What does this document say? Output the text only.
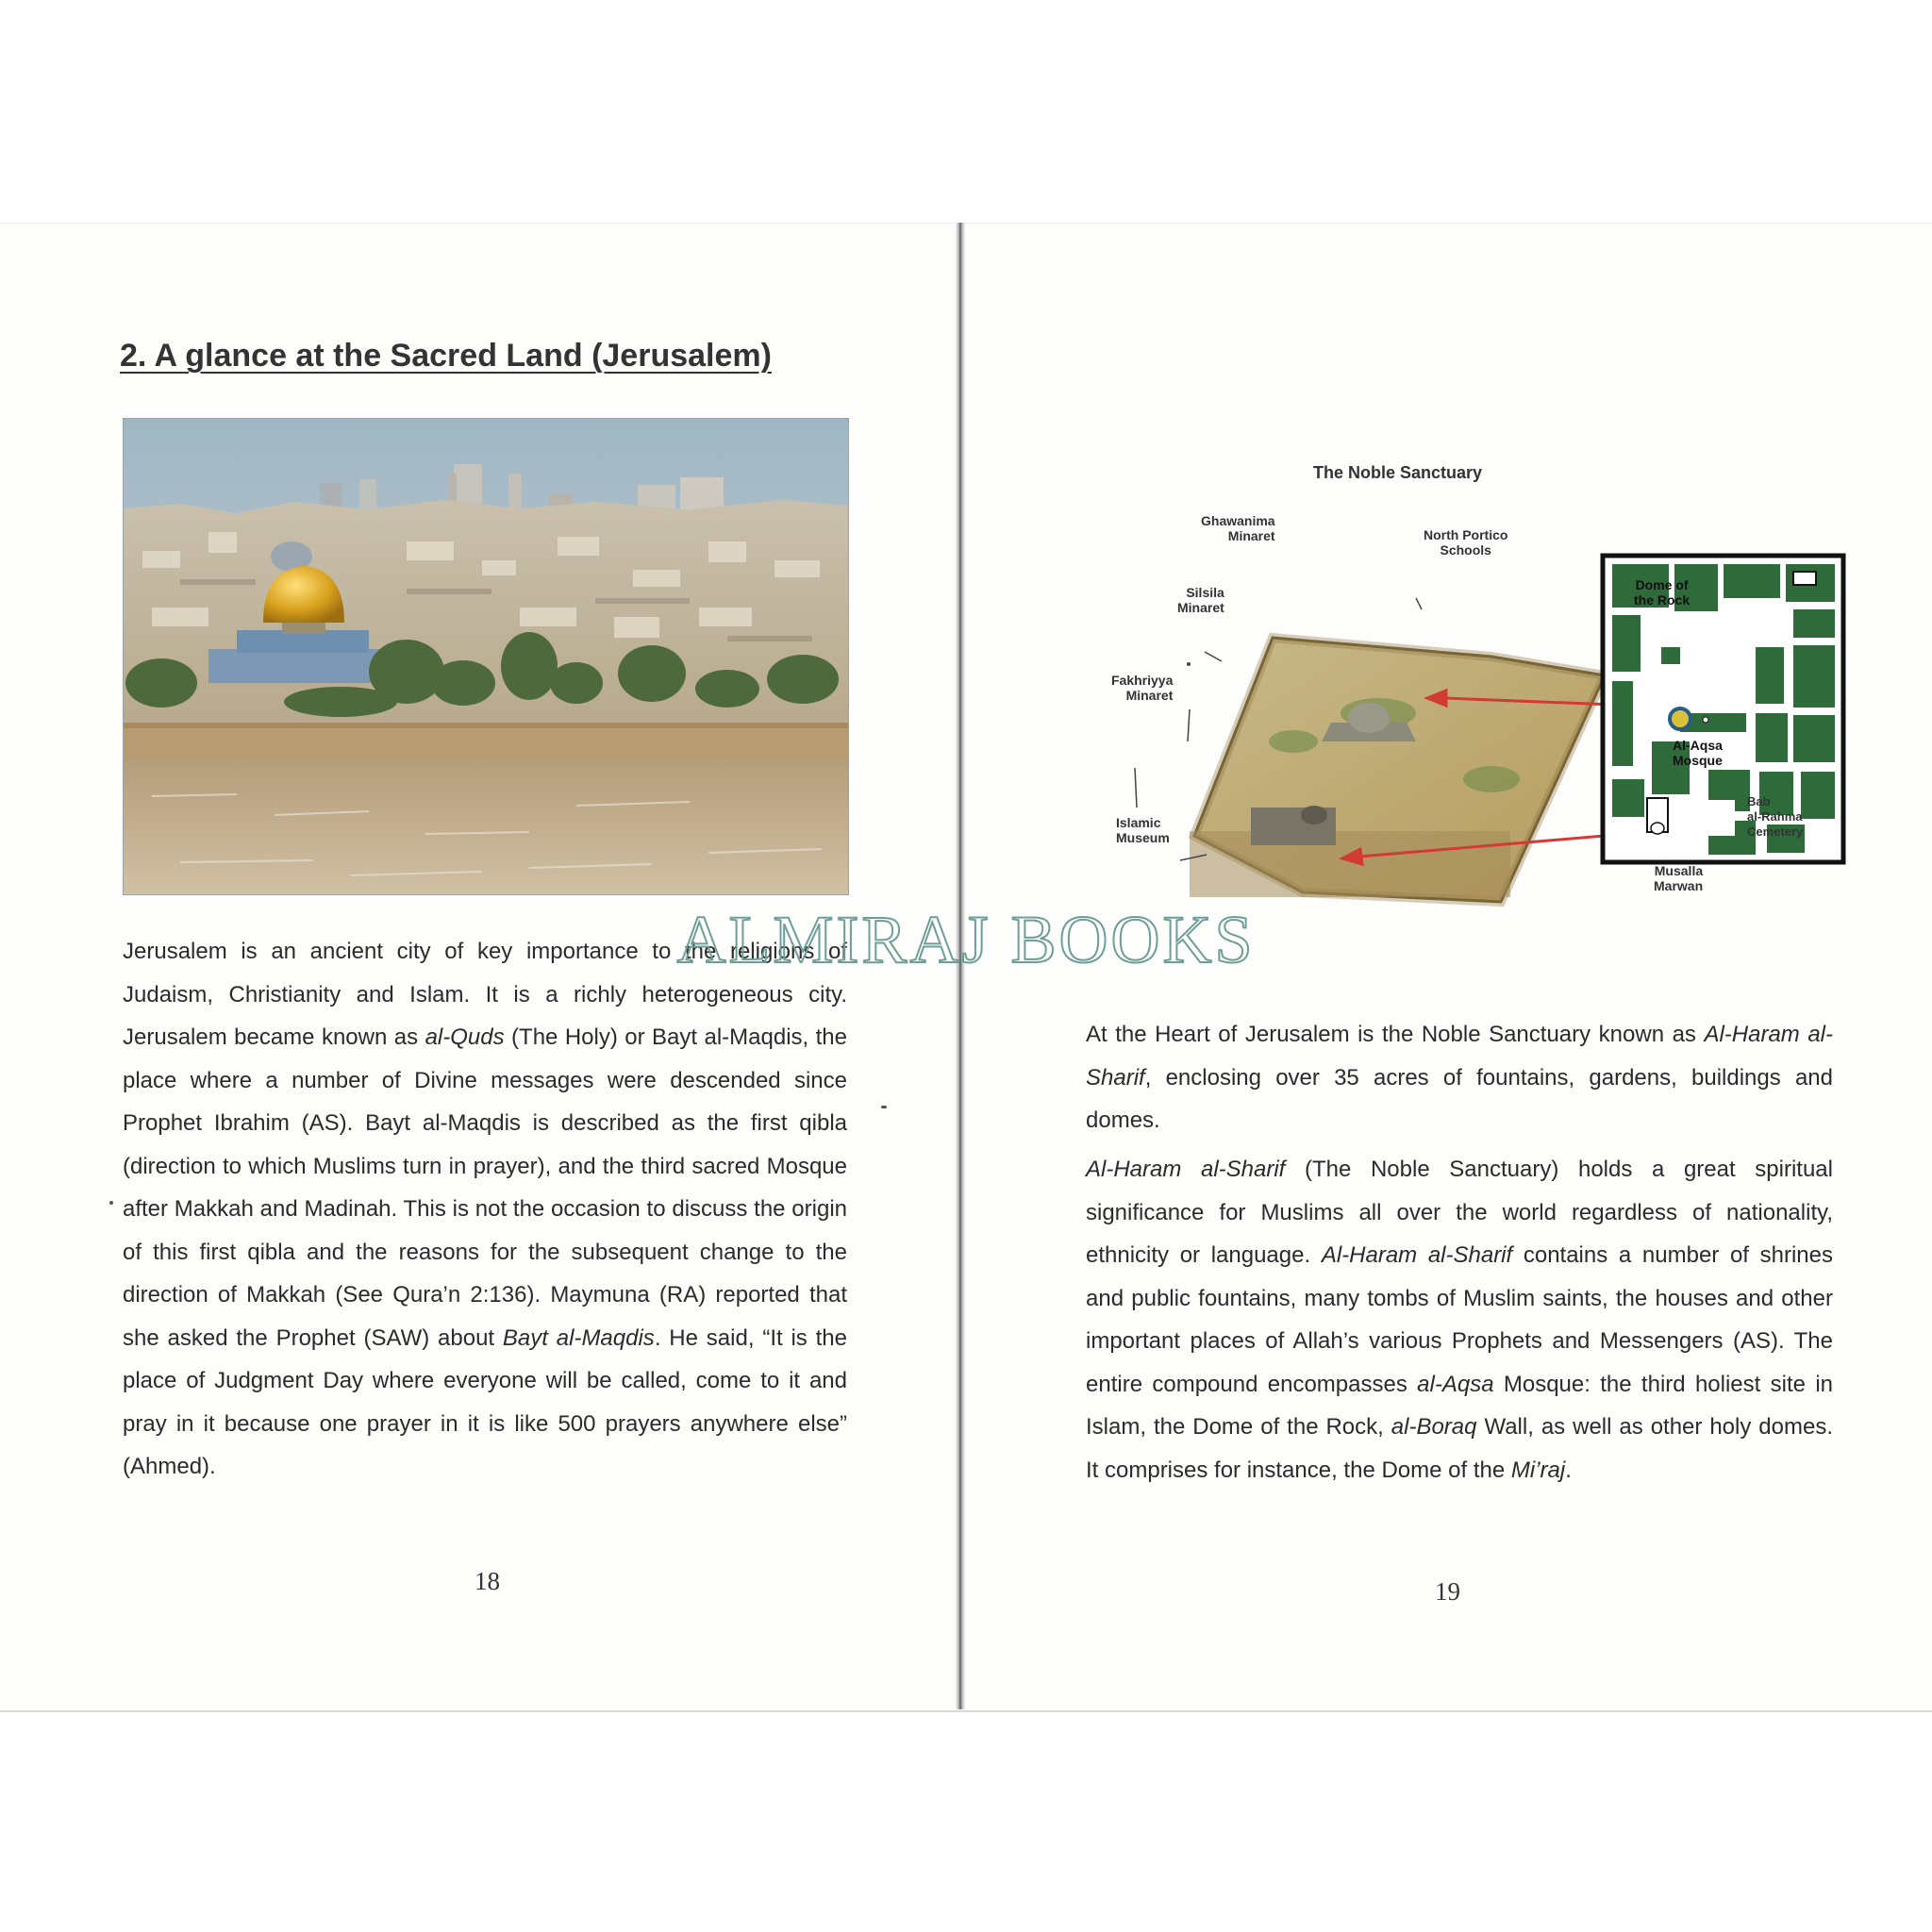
2. A glance at the Sacred Land (Jerusalem)

Jerusalem is an ancient city of key importance to the religions of Judaism, Christianity and Islam. It is a richly heterogeneous city. Jerusalem became known as al-Quds (The Holy) or Bayt al-Maqdis, the place where a number of Divine messages were descended since Prophet Ibrahim (AS). Bayt al-Maqdis is described as the first qibla (direction to which Muslims turn in prayer), and the third sacred Mosque after Makkah and Madinah. This is not the occasion to discuss the origin of this first qibla and the reasons for the subsequent change to the direction of Makkah (See Qura’n 2:136). Maymuna (RA) reported that she asked the Prophet (SAW) about Bayt al-Maqdis. He said, “It is the place of Judgment Day where everyone will be called, come to it and pray in it because one prayer in it is like 500 prayers anywhere else” (Ahmed).

18

The Noble Sanctuary

Ghawanima
Minaret	North Portico
Schools

Silsila
Minaret

Fakhriyya
Minaret

Islamic
Museum

Dome of
the Rock

Al-Aqsa
Mosque

Bab
al-Rahma
Cemetery

Musalla
Marwan

At the Heart of Jerusalem is the Noble Sanctuary known as Al-Haram al-Sharif, enclosing over 35 acres of fountains, gardens, buildings and domes.

Al-Haram al-Sharif (The Noble Sanctuary) holds a great spiritual significance for Muslims all over the world regardless of nationality, ethnicity or language. Al-Haram al-Sharif contains a number of shrines and public fountains, many tombs of Muslim saints, the houses and other important places of Allah’s various Prophets and Messengers (AS). The entire compound encompasses al-Aqsa Mosque: the third holiest site in Islam, the Dome of the Rock, al-Boraq Wall, as well as other holy domes. It comprises for instance, the Dome of the Mi’raj.

19

ALMIRAJ BOOKS
